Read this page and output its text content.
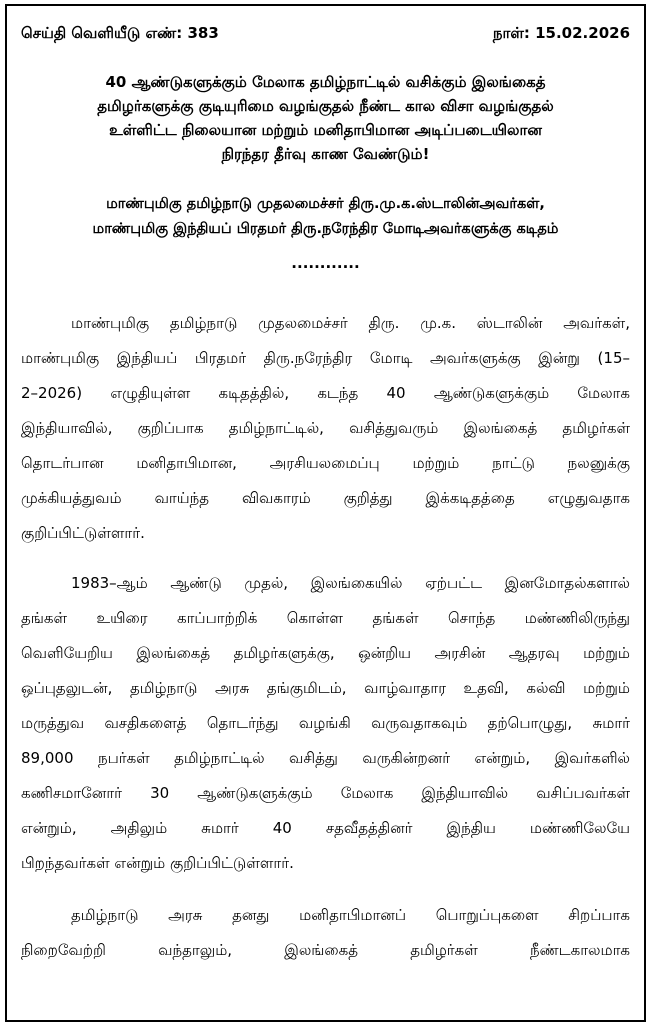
செய்தி வெளியீடு எண்: 383	நாள்: 15.02.2026
40 ஆண்டுகளுக்கும் மேலாக தமிழ்நாட்டில் வசிக்கும் இலங்கைத்
தமிழர்களுக்கு குடியுரிமை வழங்குதல் நீண்ட கால விசா வழங்குதல்
உள்ளிட்ட நிலையான மற்றும் மனிதாபிமான அடிப்படையிலான
நிரந்தர தீர்வு காண வேண்டும்!
மாண்புமிகு தமிழ்நாடு முதலமைச்சர் திரு.மு.க.ஸ்டாலின்அவர்கள்,
மாண்புமிகு இந்தியப் பிரதமர் திரு.நரேந்திர மோடிஅவர்களுக்கு கடிதம்
............
மாண்புமிகு தமிழ்நாடு முதலமைச்சர் திரு. மு.க. ஸ்டாலின் அவர்கள்,
மாண்புமிகு இந்தியப் பிரதமர் திரு.நரேந்திர மோடி அவர்களுக்கு இன்று (15–
2–2026) எழுதியுள்ள கடிதத்தில், கடந்த 40 ஆண்டுகளுக்கும் மேலாக
இந்தியாவில், குறிப்பாக தமிழ்நாட்டில், வசித்துவரும் இலங்கைத் தமிழர்கள்
தொடர்பான மனிதாபிமான, அரசியலமைப்பு மற்றும் நாட்டு நலனுக்கு
முக்கியத்துவம் வாய்ந்த விவகாரம் குறித்து இக்கடிதத்தை எழுதுவதாக
குறிப்பிட்டுள்ளார்.
1983–ஆம் ஆண்டு முதல், இலங்கையில் ஏற்பட்ட இனமோதல்களால்
தங்கள் உயிரை காப்பாற்றிக் கொள்ள தங்கள் சொந்த மண்ணிலிருந்து
வெளியேறிய இலங்கைத் தமிழர்களுக்கு, ஒன்றிய அரசின் ஆதரவு மற்றும்
ஒப்புதலுடன், தமிழ்நாடு அரசு தங்குமிடம், வாழ்வாதார உதவி, கல்வி மற்றும்
மருத்துவ வசதிகளைத் தொடர்ந்து வழங்கி வருவதாகவும் தற்பொழுது, சுமார்
89,000 நபர்கள் தமிழ்நாட்டில் வசித்து வருகின்றனர் என்றும், இவர்களில்
கணிசமானோர் 30 ஆண்டுகளுக்கும் மேலாக இந்தியாவில் வசிப்பவர்கள்
என்றும், அதிலும் சுமார் 40 சதவீதத்தினர் இந்திய மண்ணிலேயே
பிறந்தவர்கள் என்றும் குறிப்பிட்டுள்ளார்.
தமிழ்நாடு அரசு தனது மனிதாபிமானப் பொறுப்புகளை சிறப்பாக
நிறைவேற்றி வந்தாலும், இலங்கைத் தமிழர்கள் நீண்டகாலமாக
